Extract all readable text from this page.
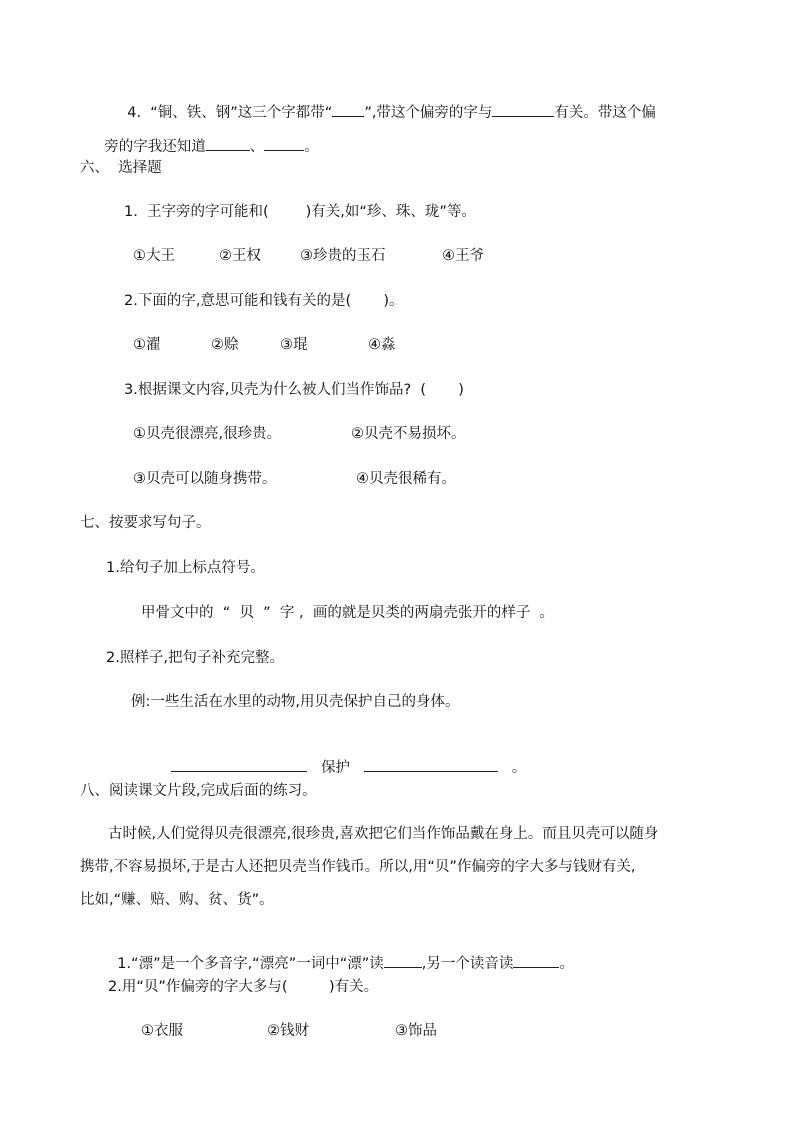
4.  “铜、铁、钢”这三个字都带“ ”,带这个偏旁的字与	有关。带这个偏

旁的字我还知道	、	。

六、  选择题
1.  王字旁的字可能和(        )有关,如“珍、珠、珑”等。
①大王	②王权	③珍贵的玉石	④王爷
2.下面的字,意思可能和钱有关的是(       )。
①濯	②赊	③琨	④淼
3.根据课文内容,贝壳为什么被人们当作饰品?  (       )
①贝壳很漂亮,很珍贵。	②贝壳不易损坏。
③贝壳可以随身携带。	④贝壳很稀有。
七、按要求写句子。
1.给句子加上标点符号。
甲骨文中的  “  贝  ”  字 ,  画的就是贝类的两扇壳张开的样子  。
2.照样子,把句子补充完整。
例:一些生活在水里的动物,用贝壳保护自己的身体。

保护	。

八、阅读课文片段,完成后面的练习。
古时候,人们觉得贝壳很漂亮,很珍贵,喜欢把它们当作饰品戴在身上。而且贝壳可以随身
携带,不容易损坏,于是古人还把贝壳当作钱币。所以,用“贝”作偏旁的字大多与钱财有关,
比如,“赚、赔、购、贫、货”。

1.“漂”是一个多音字,“漂亮”一词中“漂”读	,另一个读音读	。

2.用“贝”作偏旁的字大多与(         )有关。
①衣服	②钱财	③饰品
